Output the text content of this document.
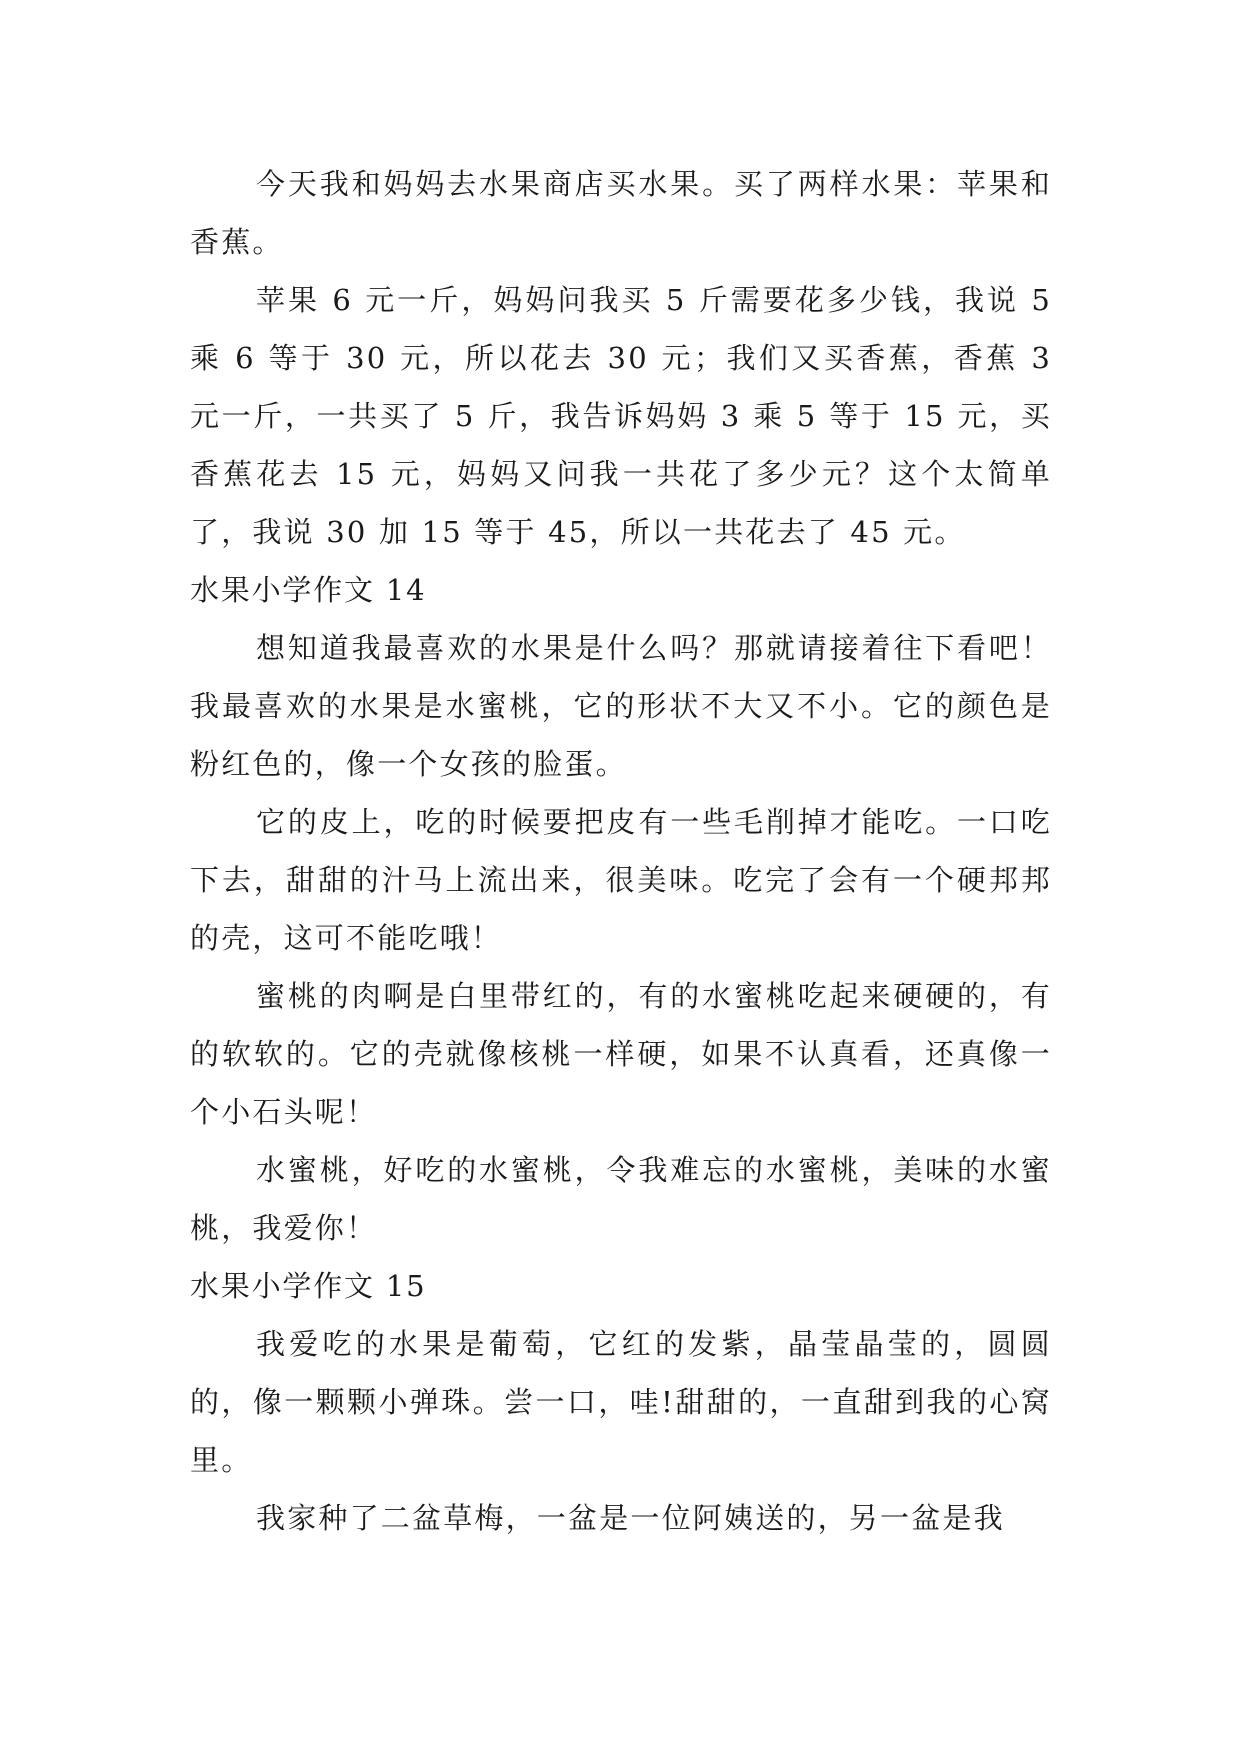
今天我和妈妈去水果商店买水果。买了两样水果：苹果和香蕉。

苹果 6 元一斤，妈妈问我买 5 斤需要花多少钱，我说 5 乘 6 等于 30 元，所以花去 30 元；我们又买香蕉，香蕉 3 元一斤，一共买了 5 斤，我告诉妈妈 3 乘 5 等于 15 元，买香蕉花去 15 元，妈妈又问我一共花了多少元？这个太简单了，我说 30 加 15 等于 45，所以一共花去了 45 元。

水果小学作文 14

想知道我最喜欢的水果是什么吗？那就请接着往下看吧！我最喜欢的水果是水蜜桃，它的形状不大又不小。它的颜色是粉红色的，像一个女孩的脸蛋。

它的皮上，吃的时候要把皮有一些毛削掉才能吃。一口吃下去，甜甜的汁马上流出来，很美味。吃完了会有一个硬邦邦的壳，这可不能吃哦！

蜜桃的肉啊是白里带红的，有的水蜜桃吃起来硬硬的，有的软软的。它的壳就像核桃一样硬，如果不认真看，还真像一个小石头呢！

水蜜桃，好吃的水蜜桃，令我难忘的水蜜桃，美味的水蜜桃，我爱你！

水果小学作文 15

我爱吃的水果是葡萄，它红的发紫，晶莹晶莹的，圆圆的，像一颗颗小弹珠。尝一口，哇!甜甜的，一直甜到我的心窝里。

我家种了二盆草梅，一盆是一位阿姨送的，另一盆是我
